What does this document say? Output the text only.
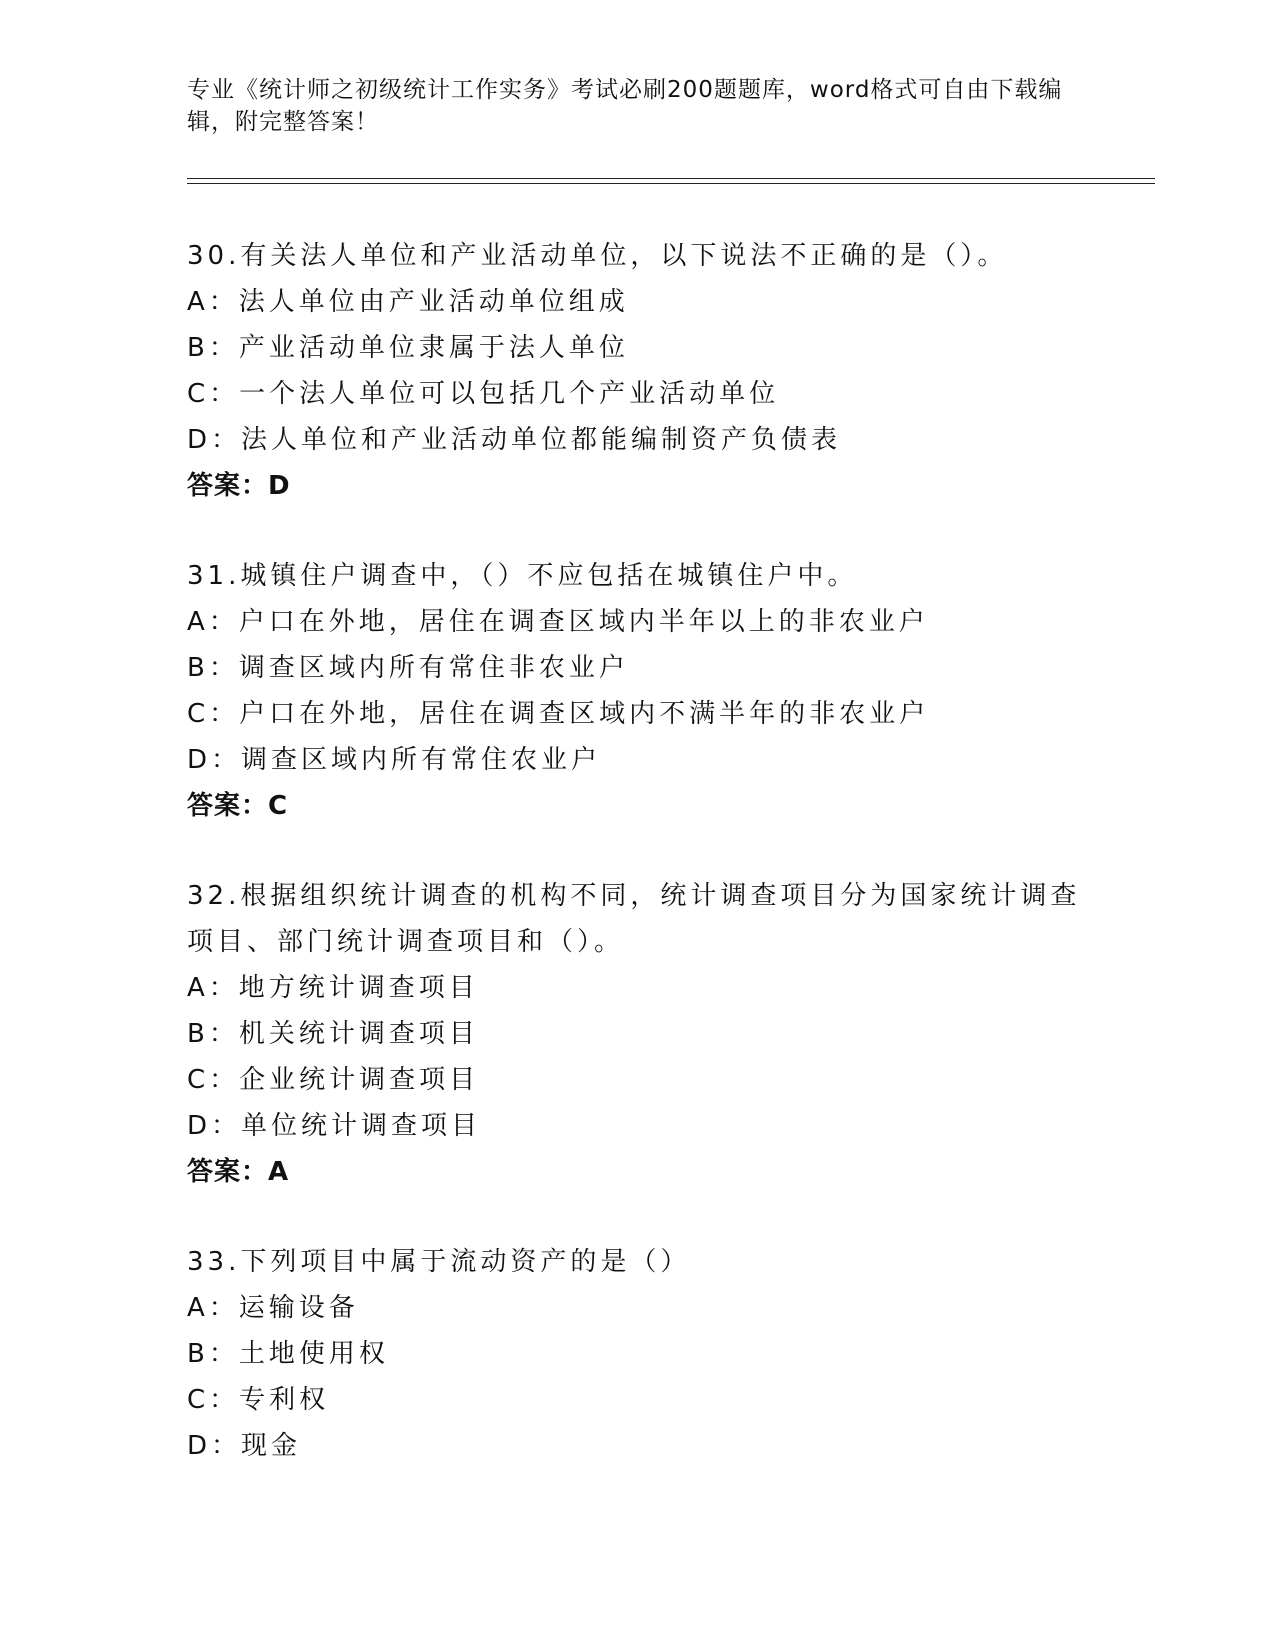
专业《统计师之初级统计工作实务》考试必刷200题题库，word格式可自由下载编辑，附完整答案！
30.有关法人单位和产业活动单位，以下说法不正确的是（）。
A：法人单位由产业活动单位组成
B：产业活动单位隶属于法人单位
C：一个法人单位可以包括几个产业活动单位
D：法人单位和产业活动单位都能编制资产负债表
答案：D
31.城镇住户调查中，（）不应包括在城镇住户中。
A：户口在外地，居住在调查区域内半年以上的非农业户
B：调查区域内所有常住非农业户
C：户口在外地，居住在调查区域内不满半年的非农业户
D：调查区域内所有常住农业户
答案：C
32.根据组织统计调查的机构不同，统计调查项目分为国家统计调查项目、部门统计调查项目和（）。
A：地方统计调查项目
B：机关统计调查项目
C：企业统计调查项目
D：单位统计调查项目
答案：A
33.下列项目中属于流动资产的是（）
A：运输设备
B：土地使用权
C：专利权
D：现金
